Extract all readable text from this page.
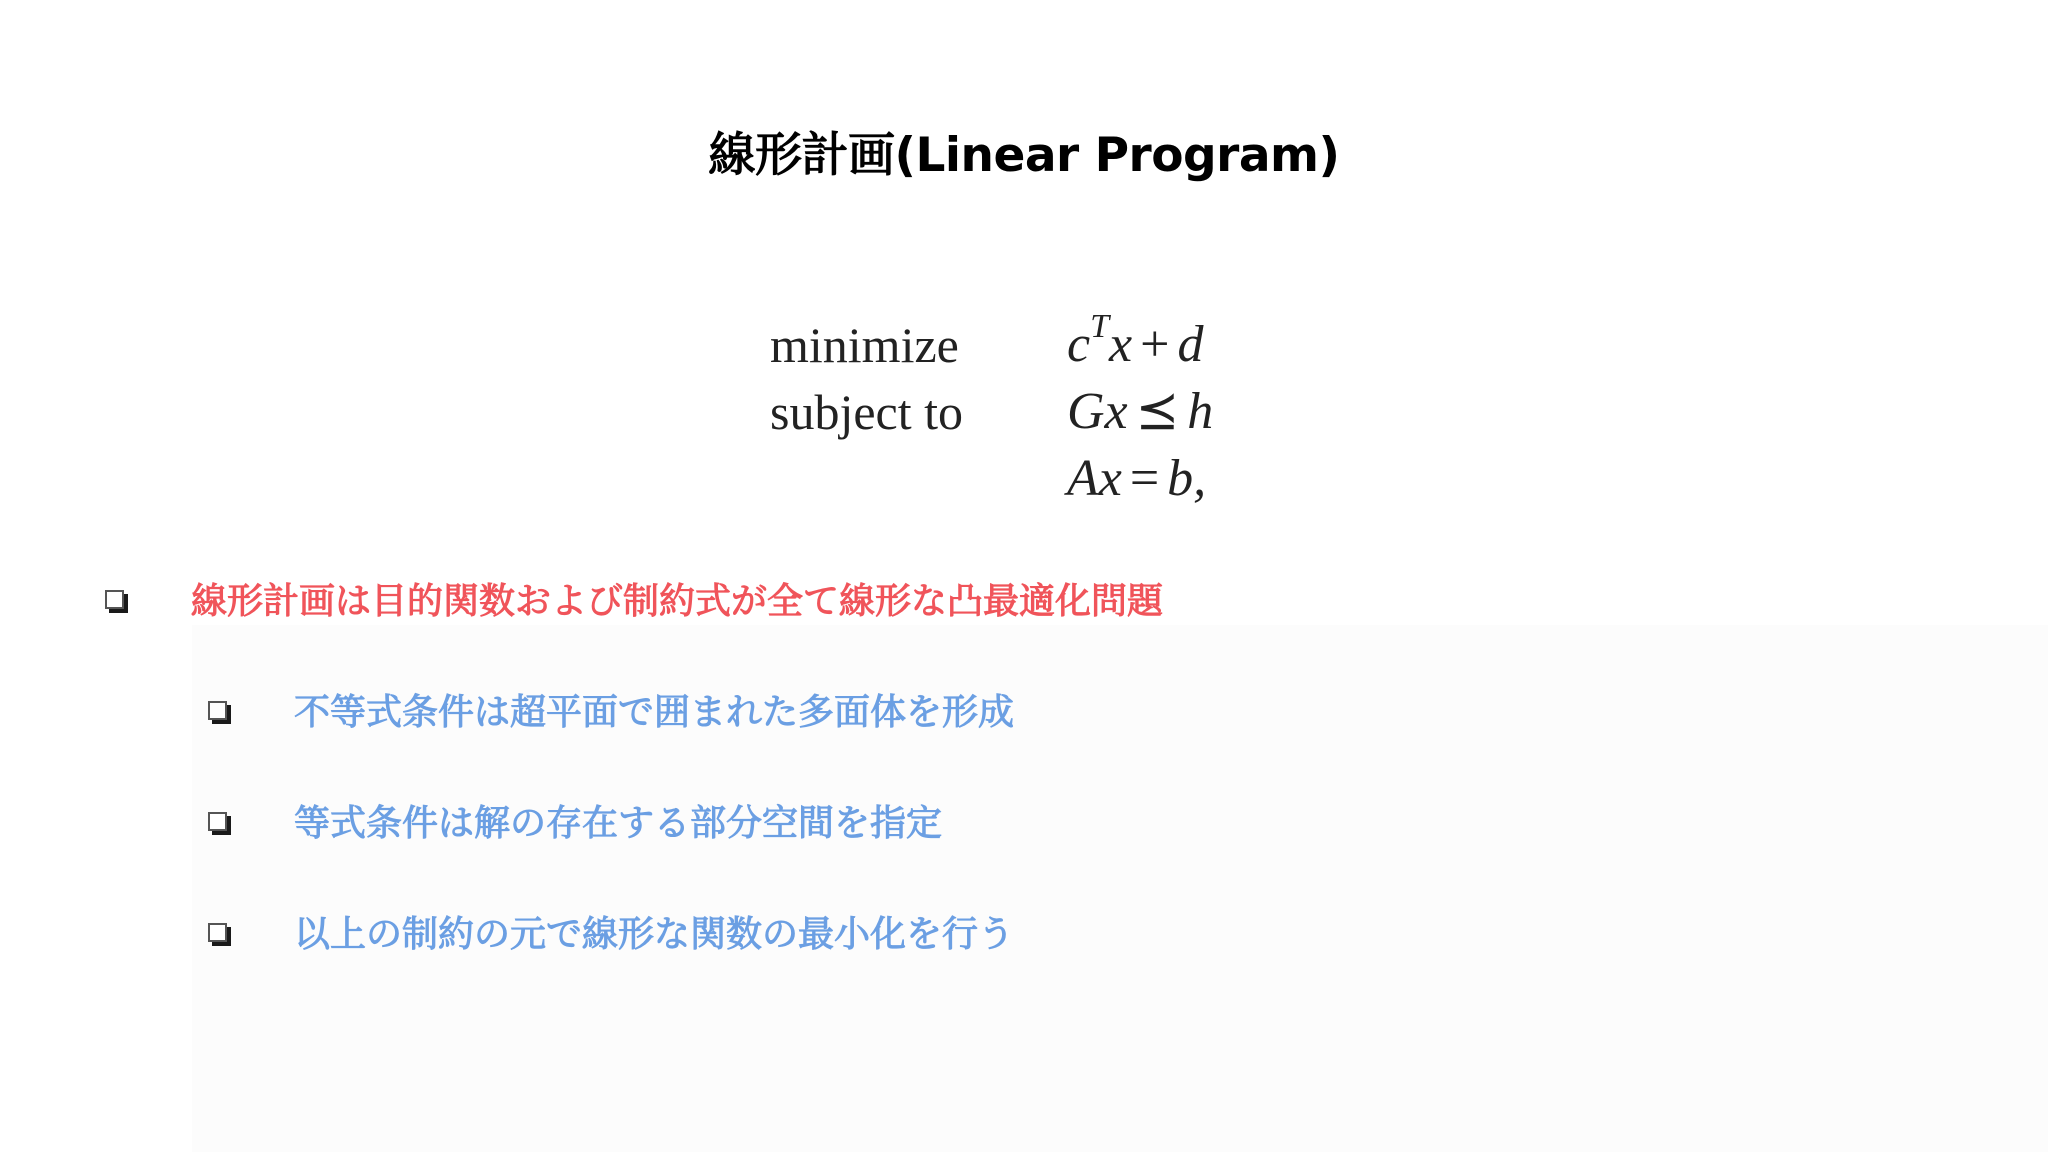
線形計画(Linear Program)
minimize $c^Tx + d$
subject to Gx ⪯ h
Ax = b,
線形計画は目的関数および制約式が全て線形な凸最適化問題
不等式条件は超平面で囲まれた多面体を形成
等式条件は解の存在する部分空間を指定
以上の制約の元で線形な関数の最小化を行う
